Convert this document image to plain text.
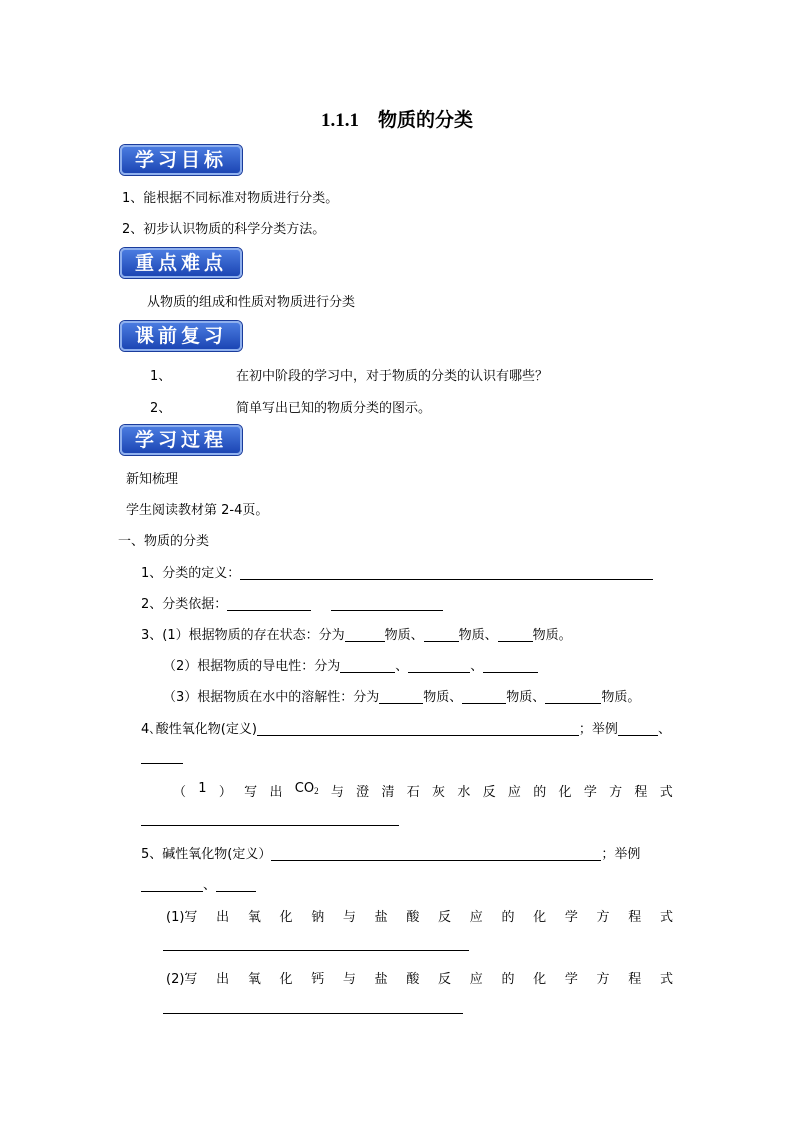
1.1.1　物质的分类
学习目标
1、能根据不同标准对物质进行分类。
2、初步认识物质的科学分类方法。
重点难点
从物质的组成和性质对物质进行分类
课前复习
1、	在初中阶段的学习中，对于物质的分类的认识有哪些？
2、	简单写出已知的物质分类的图示。
学习过程
新知梳理
学生阅读教材第 2-4页。
一、物质的分类
1、分类的定义：
2、分类依据：
3、(1）根据物质的存在状态：分为	物质、	物质、	物质。
（2）根据物质的导电性：分为	、	、
（3）根据物质在水中的溶解性：分为	物质、	物质、	物质。
4､酸性氧化物(定义)	；举例	、
（ 1 ） 写 出 $CO_2$ 与 澄 清 石 灰 水 反 应 的 化 学 方 程 式
5、碱性氧化物(定义）	；举例
、
(1)写 出 氧 化 钠 与 盐 酸 反 应 的 化 学 方 程 式
(2)写 出 氧 化 钙 与 盐 酸 反 应 的 化 学 方 程 式
